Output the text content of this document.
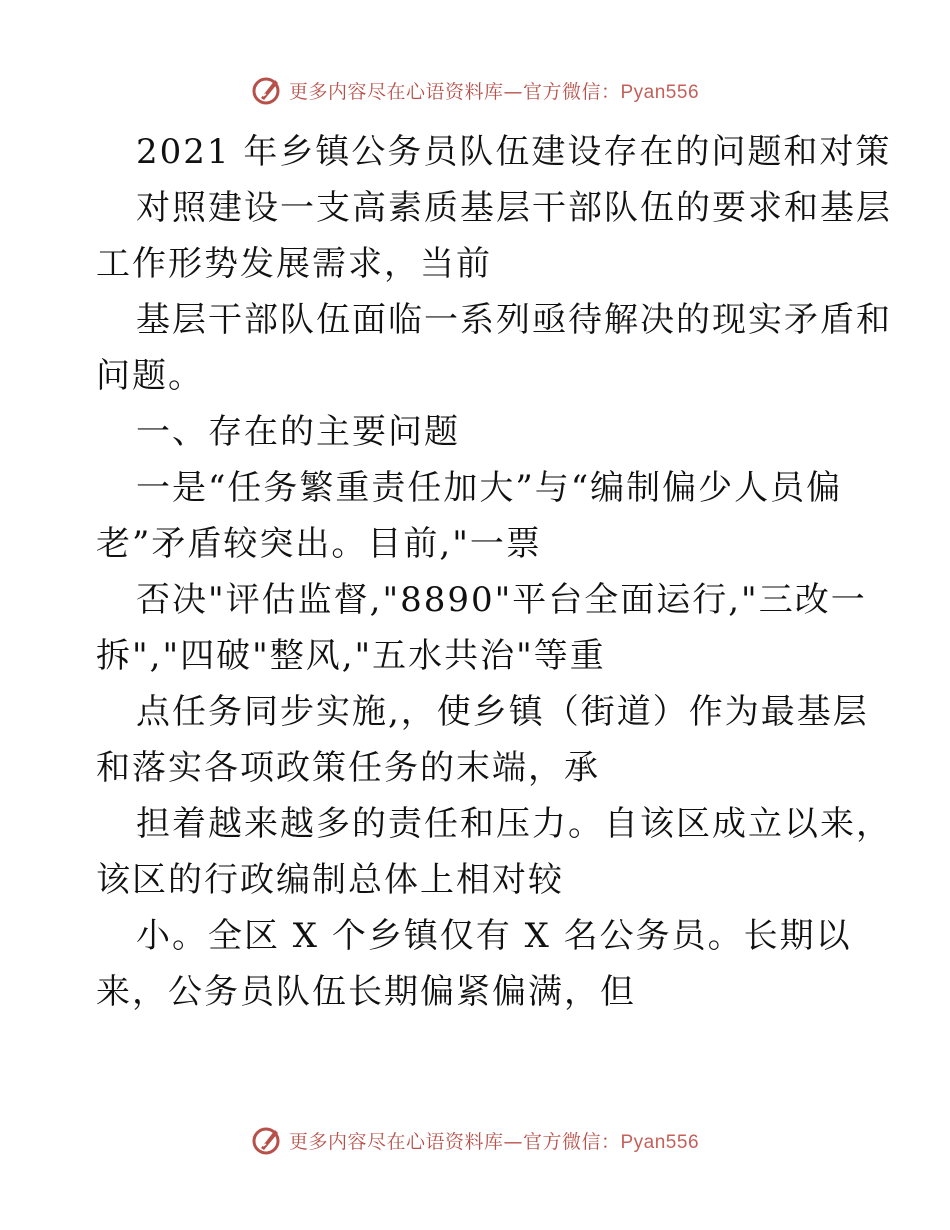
更多内容尽在心语资料库—官方微信：Pyan556
2021 年乡镇公务员队伍建设存在的问题和对策
对照建设一支高素质基层干部队伍的要求和基层
工作形势发展需求，当前
基层干部队伍面临一系列亟待解决的现实矛盾和
问题。
一、存在的主要问题
一是“任务繁重责任加大”与“编制偏少人员偏
老”矛盾较突出。目前,"一票
否决"评估监督,"8890"平台全面运行,"三改一
拆","四破"整风,"五水共治"等重
点任务同步实施,，使乡镇（街道）作为最基层
和落实各项政策任务的末端，承
担着越来越多的责任和压力。自该区成立以来，
该区的行政编制总体上相对较
小。全区 X 个乡镇仅有 X 名公务员。长期以
来，公务员队伍长期偏紧偏满，但
更多内容尽在心语资料库—官方微信：Pyan556
